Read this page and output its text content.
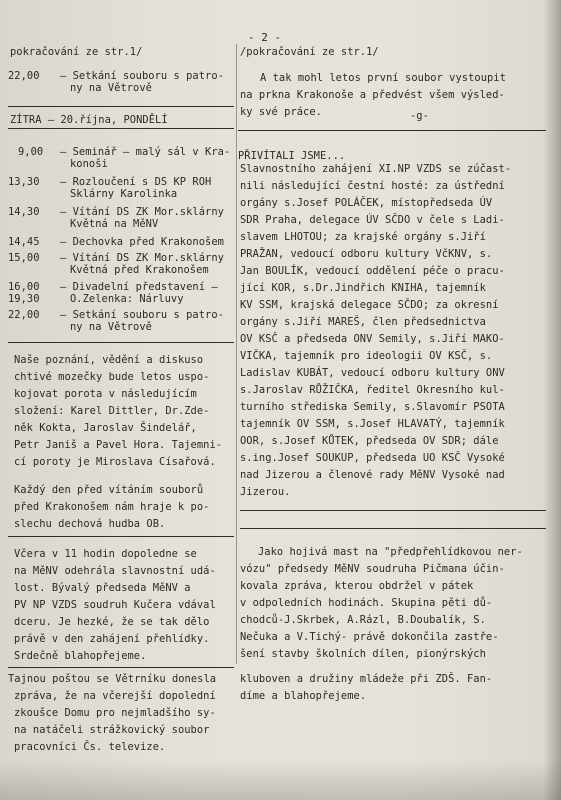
- 2 -
pokračování ze str.1/
22,00 – Setkání souboru s patro-
ny na Větrově
ZÍTRA – 20.října, PONDĚLÍ
9,00 – Seminář – malý sál v Kra-
konoši
13,30 – Rozloučení s DS KP ROH
Sklárny Karolinka
14,30 – Vítání DS ZK Mor.sklárny
Květná na MěNV
14,45 – Dechovka před Krakonošem
15,00 – Vítání DS ZK Mor.sklárny
Květná před Krakonošem
16,00 – Divadelní představení –
19,30	O.Zelenka: Nárluvy
22,00 – Setkání souboru s patro-
ny na Větrově
Naše poznání, vědění a diskuso
chtivé mozečky bude letos uspo-
kojovat porota v následujícím
složení: Karel Dittler, Dr.Zde-
něk Kokta, Jaroslav Šindelář,
Petr Janiš a Pavel Hora. Tajemni-
cí poroty je Miroslava Císařová.
Každý den před vítáním souborů
před Krakonošem nám hraje k po-
slechu dechová hudba OB.
Včera v 11 hodin dopoledne se
na MěNV odehrála slavnostní udá-
lost. Bývalý předseda MěNV a
PV NP VZDS soudruh Kučera vdával
dceru. Je hezké, že se tak dělo
právě v den zahájení přehlídky.
Srdečně blahopřejeme.
Tajnou poštou se Větrníku donesla
zpráva, že na včerejší dopolední
zkoušce Domu pro nejmladšího sy-
na natáčeli strážkovický soubor
pracovníci Čs. televize.
/pokračování ze str.1/
A tak mohl letos první soubor vystoupit
na prkna Krakonoše a předvést všem výsled-
ky své práce.	-g-
PŘIVÍTALI JSME...
Slavnostního zahájení XI.NP VZDS se zúčast-
nili následující čestní hosté: za ústřední
orgány s.Josef POLÁČEK, místopředseda ÚV
SDR Praha, delegace ÚV SČDO v čele s Ladi-
slavem LHOTOU; za krajské orgány s.Jiří
PRAŽAN, vedoucí odboru kultury VčKNV, s.
Jan BOULÍK, vedoucí oddělení péče o pracu-
jící KOR, s.Dr.Jindřich KNIHA, tajemník
KV SSM, krajská delegace SČDO; za okresní
orgány s.Jiří MAREŠ, člen předsednictva
OV KSČ a předseda ONV Semily, s.Jiří MAKO-
VIČKA, tajemník pro ideologii OV KSČ, s.
Ladislav KUBÁT, vedoucí odboru kultury ONV
s.Jaroslav RŮŽIČKA, ředitel Okresního kul-
turního střediska Semily, s.Slavomír PSOTA
tajemník OV SSM, s.Josef HLAVATÝ, tajemník
OOR, s.Josef KŮTEK, předseda OV SDR; dále
s.ing.Josef SOUKUP, předseda UO KSČ Vysoké
nad Jizerou a členové rady MěNV Vysoké nad
Jizerou.
Jako hojivá mast na "předpřehlídkovou ner-
vózu" předsedy MěNV soudruha Pičmana účin-
kovala zpráva, kterou obdržel v pátek
v odpoledních hodinách. Skupina pěti dů-
chodců-J.Skrbek, A.Rázl, B.Doubalík, S.
Nečuka a V.Tichý- právě dokončila zastře-
šení stavby školních dílen, pionýrských
kluboven a družiny mládeže při ZDŠ. Fan-
díme a blahopřejeme.
